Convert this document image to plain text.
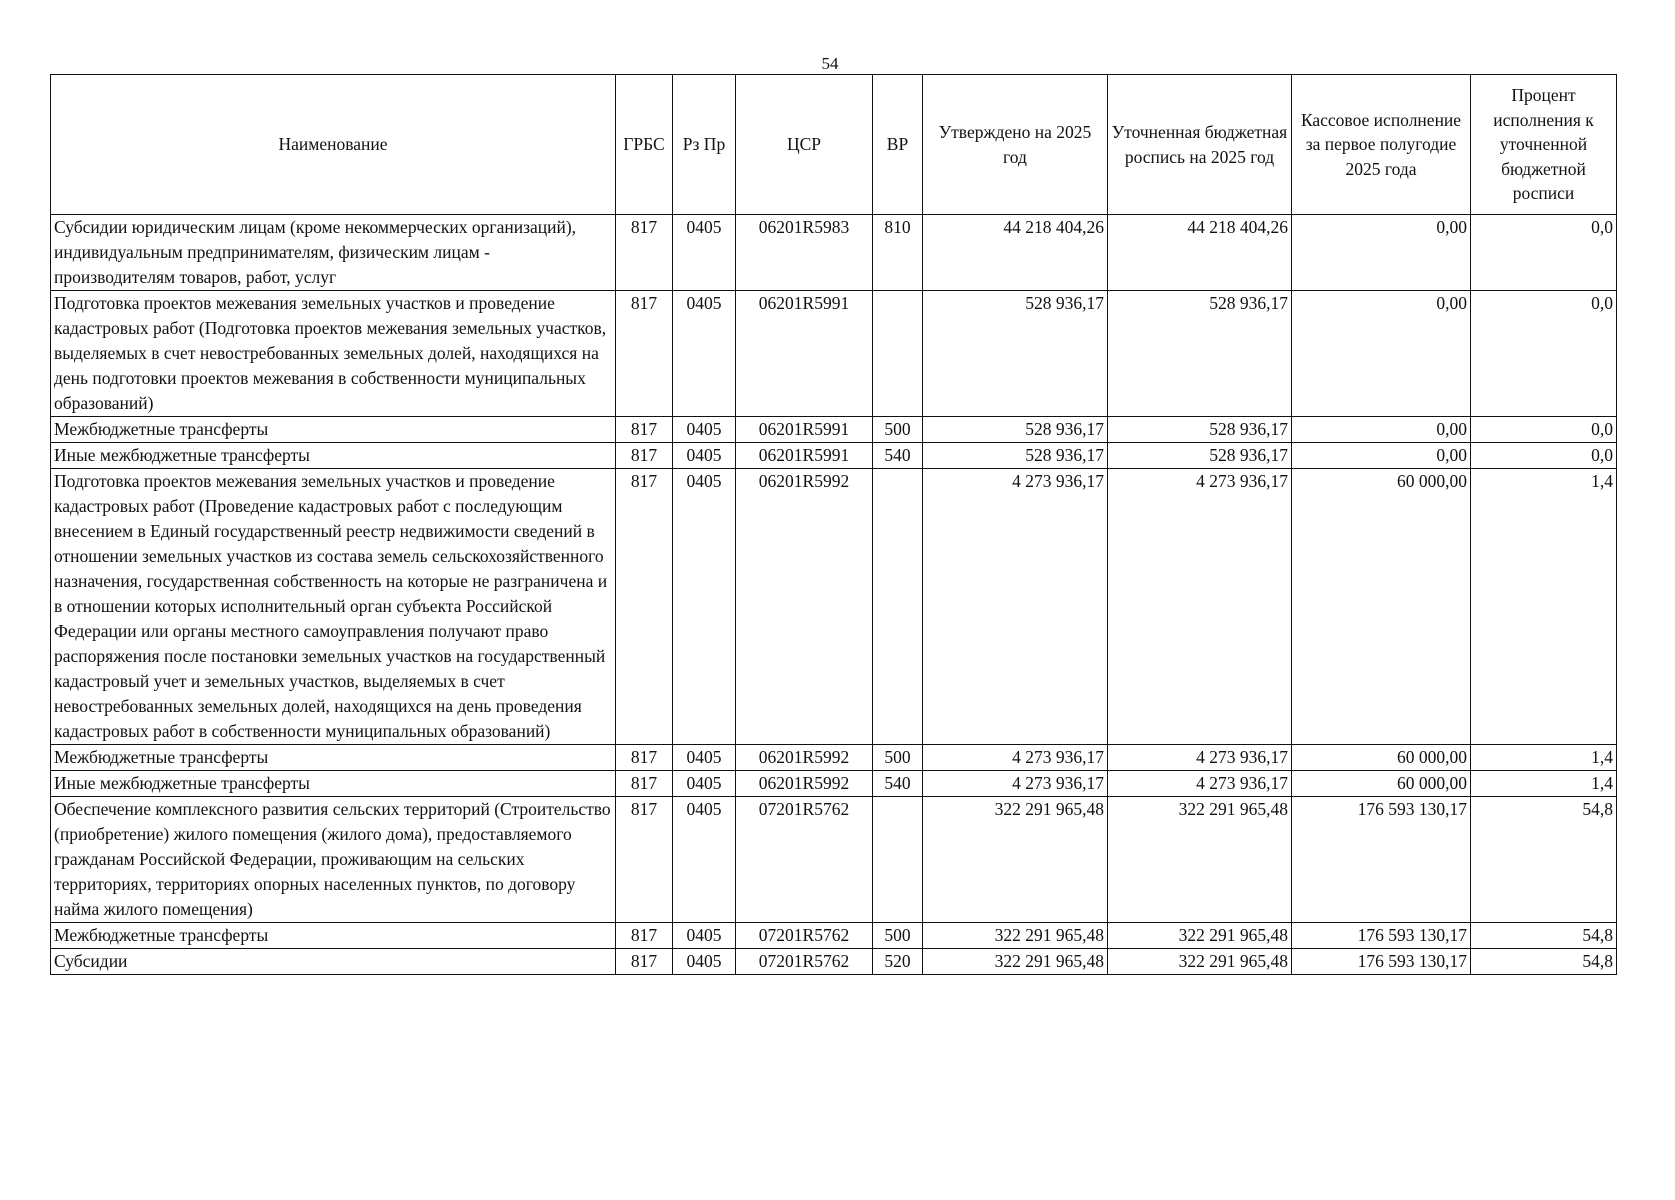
54
Наименование	ГРБС	Рз Пр	ЦСР	ВР	Утверждено на 2025 год	Уточненная бюджетная роспись на 2025 год	Кассовое исполнение за первое полугодие 2025 года	Процент исполнения к уточненной бюджетной росписи
Субсидии юридическим лицам (кроме некоммерческих организаций), индивидуальным предпринимателям, физическим лицам - производителям товаров, работ, услуг	817	0405	06201R5983	810	44 218 404,26	44 218 404,26	0,00	0,0
Подготовка проектов межевания земельных участков и проведение кадастровых работ (Подготовка проектов межевания земельных участков, выделяемых в счет невостребованных земельных долей, находящихся на день подготовки проектов межевания в собственности муниципальных образований)	817	0405	06201R5991		528 936,17	528 936,17	0,00	0,0
Межбюджетные трансферты	817	0405	06201R5991	500	528 936,17	528 936,17	0,00	0,0
Иные межбюджетные трансферты	817	0405	06201R5991	540	528 936,17	528 936,17	0,00	0,0
Подготовка проектов межевания земельных участков и проведение кадастровых работ (Проведение кадастровых работ с последующим внесением в Единый государственный реестр недвижимости сведений в отношении земельных участков из состава земель сельскохозяйственного назначения, государственная собственность на которые не разграничена и в отношении которых исполнительный орган субъекта Российской Федерации или органы местного самоуправления получают право распоряжения после постановки земельных участков на государственный кадастровый учет и земельных участков, выделяемых в счет невостребованных земельных долей, находящихся на день проведения кадастровых работ в собственности муниципальных образований)	817	0405	06201R5992		4 273 936,17	4 273 936,17	60 000,00	1,4
Межбюджетные трансферты	817	0405	06201R5992	500	4 273 936,17	4 273 936,17	60 000,00	1,4
Иные межбюджетные трансферты	817	0405	06201R5992	540	4 273 936,17	4 273 936,17	60 000,00	1,4
Обеспечение комплексного развития сельских территорий (Строительство (приобретение) жилого помещения (жилого дома), предоставляемого гражданам Российской Федерации, проживающим на сельских территориях, территориях опорных населенных пунктов, по договору найма жилого помещения)	817	0405	07201R5762		322 291 965,48	322 291 965,48	176 593 130,17	54,8
Межбюджетные трансферты	817	0405	07201R5762	500	322 291 965,48	322 291 965,48	176 593 130,17	54,8
Субсидии	817	0405	07201R5762	520	322 291 965,48	322 291 965,48	176 593 130,17	54,8
